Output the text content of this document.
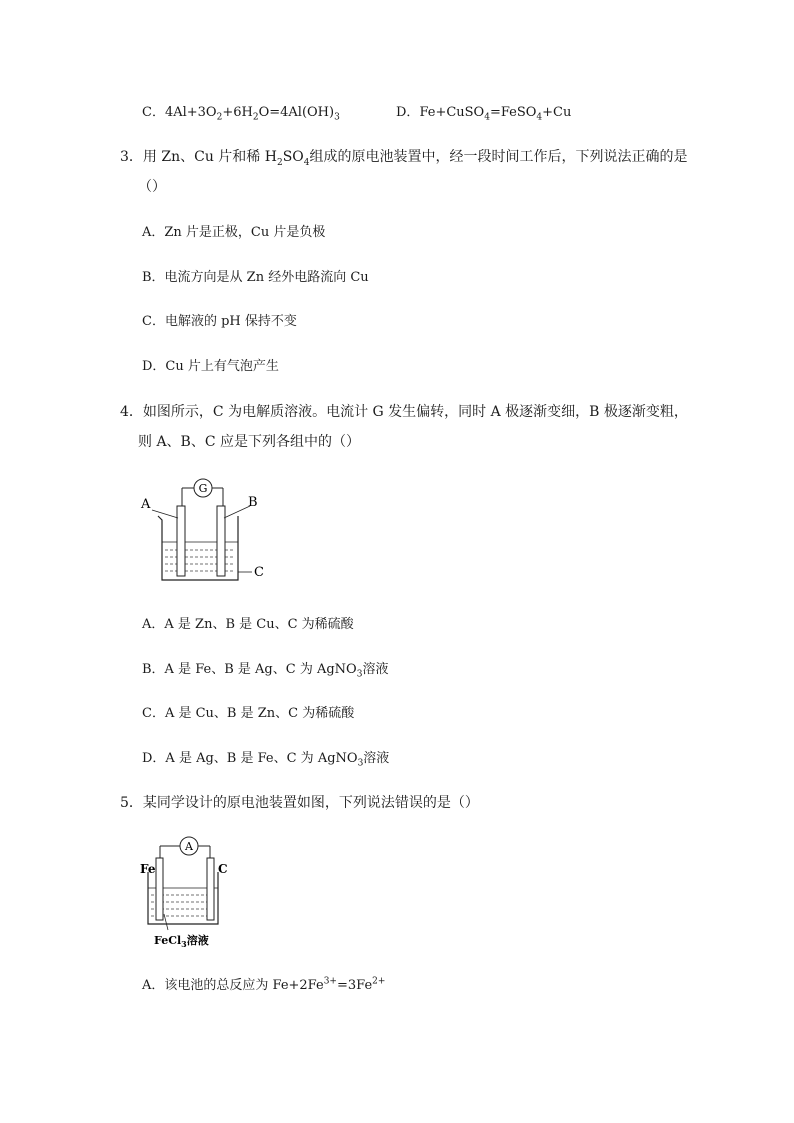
C．$4Al+3O_2+6H_2O=4Al(OH)_3$	D．Fe+CuSO$_4$=FeSO$_4$+Cu
3．用 Zn、Cu 片和稀 $H_2SO_4$组成的原电池装置中，经一段时间工作后，下列说法正确的是
（）
A．Zn 片是正极，Cu 片是负极
B．电流方向是从 Zn 经外电路流向 Cu
C．电解液的 pH 保持不变
D．Cu 片上有气泡产生
4．如图所示，C 为电解质溶液。电流计 G 发生偏转，同时 A 极逐渐变细，B 极逐渐变粗，
则 A、B、C 应是下列各组中的（）
G
A	B
C
A．A 是 Zn、B 是 Cu、C 为稀硫酸
B．A 是 Fe、B 是 Ag、C 为 AgNO$_3$溶液
C．A 是 Cu、B 是 Zn、C 为稀硫酸
D．A 是 Ag、B 是 Fe、C 为 AgNO$_3$溶液
5．某同学设计的原电池装置如图，下列说法错误的是（）
A
Fe	C
FeCl$_3$溶液
A．该电池的总反应为 $Fe+2Fe^{3+}=3Fe^{2+}$
